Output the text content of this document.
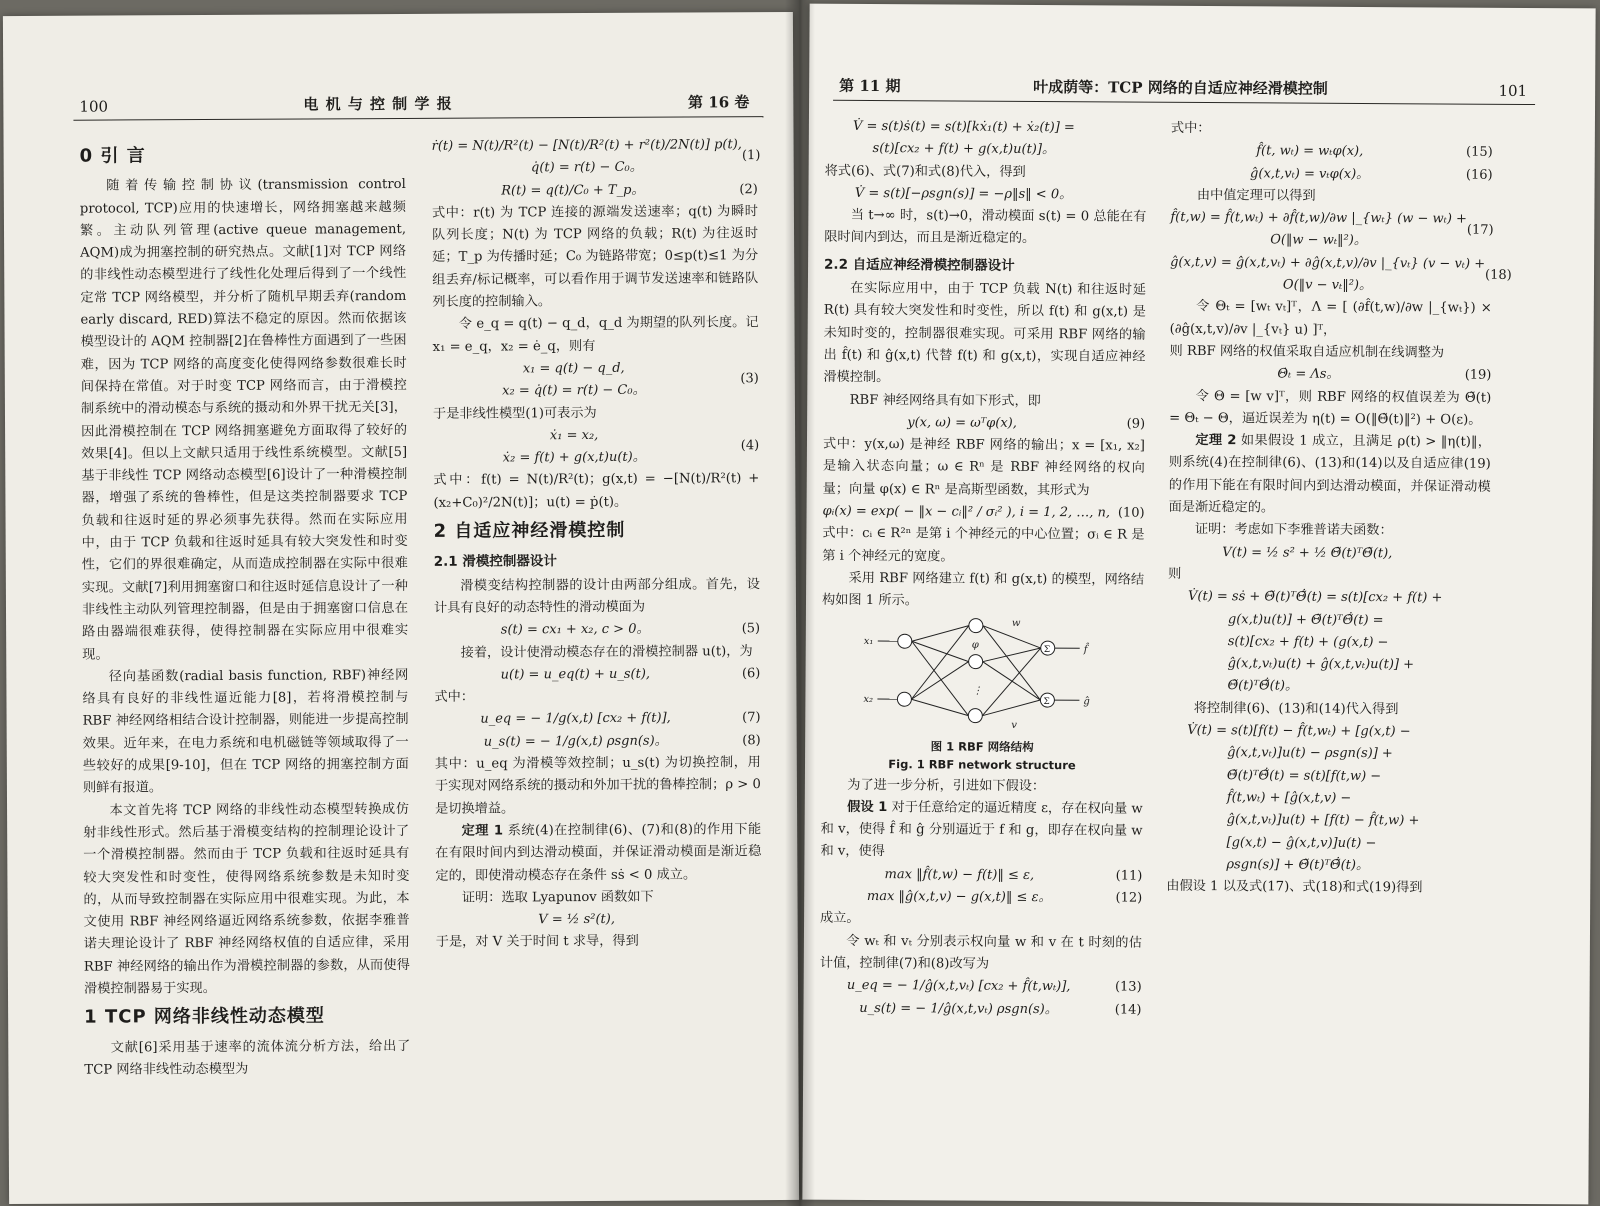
100	电 机 与 控 制 学 报	第 16 卷
0 引 言

随着传输控制协议(transmission control protocol, TCP)应用的快速增长，网络拥塞越来越频繁。主动队列管理(active queue management, AQM)成为拥塞控制的研究热点。文献[1]对 TCP 网络的非线性动态模型进行了线性化处理后得到了一个线性定常 TCP 网络模型，并分析了随机早期丢弃(random early discard, RED)算法不稳定的原因。然而依据该模型设计的 AQM 控制器[2]在鲁棒性方面遇到了一些困难，因为 TCP 网络的高度变化使得网络参数很难长时间保持在常值。对于时变 TCP 网络而言，由于滑模控制系统中的滑动模态与系统的摄动和外界干扰无关[3]，因此滑模控制在 TCP 网络拥塞避免方面取得了较好的效果[4]。但以上文献只适用于线性系统模型。文献[5]基于非线性 TCP 网络动态模型[6]设计了一种滑模控制器，增强了系统的鲁棒性，但是这类控制器要求 TCP 负载和往返时延的界必须事先获得。然而在实际应用中，由于 TCP 负载和往返时延具有较大突发性和时变性，它们的界很难确定，从而造成控制器在实际中很难实现。文献[7]利用拥塞窗口和往返时延信息设计了一种非线性主动队列管理控制器，但是由于拥塞窗口信息在路由器端很难获得，使得控制器在实际应用中很难实现。

径向基函数(radial basis function, RBF)神经网络具有良好的非线性逼近能力[8]，若将滑模控制与 RBF 神经网络相结合设计控制器，则能进一步提高控制效果。近年来，在电力系统和电机磁链等领域取得了一些较好的成果[9-10]，但在 TCP 网络的拥塞控制方面则鲜有报道。

本文首先将 TCP 网络的非线性动态模型转换成仿射非线性形式。然后基于滑模变结构的控制理论设计了一个滑模控制器。然而由于 TCP 负载和往返时延具有较大突发性和时变性，使得网络系统参数是未知时变的，从而导致控制器在实际应用中很难实现。为此，本文使用 RBF 神经网络逼近网络系统参数，依据李雅普诺夫理论设计了 RBF 神经网络权值的自适应律，采用 RBF 神经网络的输出作为滑模控制器的参数，从而使得滑模控制器易于实现。

1 TCP 网络非线性动态模型

文献[6]采用基于速率的流体流分析方法，给出了 TCP 网络非线性动态模型为

ṙ(t) = N(t)/R²(t) − [N(t)/R²(t) + r²(t)/2N(t)] p(t),
q̇(t) = r(t) − C₀。
(1)
R(t) = q(t)/C₀ + T_p。	(2)

式中：r(t) 为 TCP 连接的源端发送速率；q(t) 为瞬时队列长度；N(t) 为 TCP 网络的负载；R(t) 为往返时延；T_p 为传播时延；C₀ 为链路带宽；0≤p(t)≤1 为分组丢弃/标记概率，可以看作用于调节发送速率和链路队列长度的控制输入。

令 e_q = q(t) − q_d，q_d 为期望的队列长度。记 x₁ = e_q，x₂ = ė_q，则有

x₁ = q(t) − q_d,
x₂ = q̇(t) = r(t) − C₀。
(3)

于是非线性模型(1)可表示为

ẋ₁ = x₂,
ẋ₂ = f(t) + g(x,t)u(t)。
(4)

式中：f(t) = N(t)/R²(t)；g(x,t) = −[N(t)/R²(t) + (x₂+C₀)²/2N(t)]；u(t) = ṗ(t)。

2 自适应神经滑模控制
2.1 滑模控制器设计

滑模变结构控制器的设计由两部分组成。首先，设计具有良好的动态特性的滑动模面为

s(t) = cx₁ + x₂, c > 0。	(5)

接着，设计使滑动模态存在的滑模控制器 u(t)，为

u(t) = u_eq(t) + u_s(t),	(6)

式中：

u_eq = − 1/g(x,t) [cx₂ + f(t)],	(7)
u_s(t) = − 1/g(x,t) ρsgn(s)。	(8)

其中：u_eq 为滑模等效控制；u_s(t) 为切换控制，用于实现对网络系统的摄动和外加干扰的鲁棒控制；ρ > 0 是切换增益。

定理 1 系统(4)在控制律(6)、(7)和(8)的作用下能在有限时间内到达滑动模面，并保证滑动模面是渐近稳定的，即使滑动模态存在条件 sṡ < 0 成立。

证明：选取 Lyapunov 函数如下

V = ½ s²(t),

于是，对 V 关于时间 t 求导，得到

第 11 期	叶成荫等：TCP 网络的自适应神经滑模控制	101
V̇ = s(t)ṡ(t) = s(t)[kẋ₁(t) + ẋ₂(t)] =
s(t)[cx₂ + f(t) + g(x,t)u(t)]。

将式(6)、式(7)和式(8)代入，得到

V̇ = s(t)[−ρsgn(s)] = −ρ‖s‖ < 0。

当 t→∞ 时，s(t)→0，滑动模面 s(t) = 0 总能在有限时间内到达，而且是渐近稳定的。

2.2 自适应神经滑模控制器设计

在实际应用中，由于 TCP 负载 N(t) 和往返时延 R(t) 具有较大突发性和时变性，所以 f(t) 和 g(x,t) 是未知时变的，控制器很难实现。可采用 RBF 网络的输出 f̂(t) 和 ĝ(x,t) 代替 f(t) 和 g(x,t)，实现自适应神经滑模控制。

RBF 神经网络具有如下形式，即

y(x, ω) = ωᵀφ(x),	(9)

式中：y(x,ω) 是神经 RBF 网络的输出；x = [x₁, x₂] 是输入状态向量；ω ∈ Rⁿ 是 RBF 神经网络的权向量；向量 φ(x) ∈ Rⁿ 是高斯型函数，其形式为

φᵢ(x) = exp( − ‖x − cᵢ‖² / σᵢ² ), i = 1, 2, …, n, (10)

式中：cᵢ ∈ R²ⁿ 是第 i 个神经元的中心位置；σᵢ ∈ R 是第 i 个神经元的宽度。

采用 RBF 网络建立 f(t) 和 g(x,t) 的模型，网络结构如图 1 所示。

x₁
x₂
φ
w
v
⋮
Σ
Σ
f̂
ĝ
图 1 RBF 网络结构
Fig. 1 RBF network structure

为了进一步分析，引进如下假设：

假设 1 对于任意给定的逼近精度 ε，存在权向量 w 和 v，使得 f̂ 和 ĝ 分别逼近于 f 和 g，即存在权向量 w 和 v，使得

max ‖f̂(t,w) − f(t)‖ ≤ ε,	(11)
max ‖ĝ(x,t,v) − g(x,t)‖ ≤ ε。	(12)

成立。

令 wₜ 和 vₜ 分别表示权向量 w 和 v 在 t 时刻的估计值，控制律(7)和(8)改写为

u_eq = − 1/ĝ(x,t,vₜ) [cx₂ + f̂(t,wₜ)],	(13)
u_s(t) = − 1/ĝ(x,t,vₜ) ρsgn(s)。	(14)

式中：

f̂(t, wₜ) = wₜφ(x),	(15)
ĝ(x,t,vₜ) = vₜφ(x)。	(16)

由中值定理可以得到

f̂(t,w) = f̂(t,wₜ) + ∂f̂(t,w)/∂w |_{wₜ} (w − wₜ) +
O(‖w − wₜ‖²)。
(17)
ĝ(x,t,v) = ĝ(x,t,vₜ) + ∂ĝ(x,t,v)/∂v |_{vₜ} (v − vₜ) +
O(‖v − vₜ‖²)。
(18)

令 Θₜ = [wₜ vₜ]ᵀ，Λ = [ (∂f̂(t,w)/∂w |_{wₜ}) × (∂ĝ(x,t,v)/∂v |_{vₜ} u) ]ᵀ，

则 RBF 网络的权值采取自适应机制在线调整为

Θ̇ₜ = Λs。	(19)

令 Θ = [w v]ᵀ，则 RBF 网络的权值误差为 Θ̃(t) = Θₜ − Θ，逼近误差为 η(t) = O(‖Θ̃(t)‖²) + O(ε)。

定理 2 如果假设 1 成立，且满足 ρ(t) > ‖η(t)‖，则系统(4)在控制律(6)、(13)和(14)以及自适应律(19)的作用下能在有限时间内到达滑动模面，并保证滑动模面是渐近稳定的。

证明：考虑如下李雅普诺夫函数：

V(t) = ½ s² + ½ Θ̃(t)ᵀΘ̃(t),

则

V̇(t) = sṡ + Θ̃(t)ᵀΘ̃̇(t) = s(t)[cx₂ + f(t) +
g(x,t)u(t)] + Θ̃(t)ᵀΘ̃̇(t) =
s(t)[cx₂ + f(t) + (g(x,t) −
ĝ(x,t,vₜ)u(t) + ĝ(x,t,vₜ)u(t)] +
Θ̃(t)ᵀΘ̃̇(t)。

将控制律(6)、(13)和(14)代入得到

V̇(t) = s(t)[f(t) − f̂(t,wₜ) + [g(x,t) −
ĝ(x,t,vₜ)]u(t) − ρsgn(s)] +
Θ̃(t)ᵀΘ̃̇(t) = s(t)[f(t,w) −
f̂(t,wₜ) + [ĝ(x,t,v) −
ĝ(x,t,vₜ)]u(t) + [f(t) − f̂(t,w) +
[g(x,t) − ĝ(x,t,v)]u(t) −
ρsgn(s)] + Θ̃(t)ᵀΘ̃̇(t)。

由假设 1 以及式(17)、式(18)和式(19)得到
